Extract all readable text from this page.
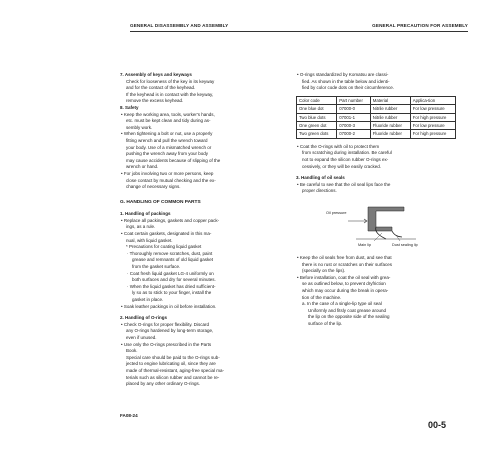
GENERAL DISASSEMBLY AND ASSEMBLY	GENERAL PRECAUTION FOR ASSEMBLY

7. Assembly of keys and keyways

Check for looseness of the key in its keyway

and for the contact of the keyhead.

If the keyhead is in contact with the keyway,

remove the excess keyhead.

8. Safety

• Keep the working area, tools, worker's hands,

etc. must be kept clean and tidy during as-

sembly work.

• When tightening a bolt or nut, use a properly

fitting wrench and pull the wrench toward

your body. Use of a mismatched wrench or

pushing the wrench away from your body

may cause accidents because of slipping of the

wrench or hand.

• For jobs involving two or more persons, keep

close contact by mutual checking and the ex-

change of necessary signs.

G. HANDLING OF COMMON PARTS

1. Handling of packings

• Replace all packings, gaskets and copper pack-

ings, as a rule.

• Coat certain gaskets, designated in this ma-

nual, with liquid gasket.

* Precautions for coating liquid gasket

· Thoroughly remove scratches, dust, paint

grease and remnants of old liquid gasket

from the gasket surface.

· Coat fresh liquid gasket LG-4 uniformly on

both surfaces and dry for several minutes.

· When the liquid gasket has dried sufficient-

ly so as to stick to your finger, install the

gasket in place.

• Soak leather packings in oil before installation.

2. Handling of O-rings

• Check O-rings for proper flexibility. Discard

any O-rings hardened by long-term storage,

even if unused.

• Use only the O-rings prescribed in the Parts

Book.

Special care should be paid to the O-rings sub-

jected to engine lubricating oil, since they are

made of thermal-resistant, aging-free special ma-

terials such as silicon rubber and cannot be re-

placed by any other ordinary O-rings.

• O-rings standardized by Komatsu are classi-

fied. As shown in the table below and identi-

fied by color code dots on their circumference.

Color code	Part number	Material	Applica-tion
One blue dot	07000-0	Nitrile rubber	For low pressure
Two blue dots	07001-1	Nitrile rubber	For high pressure
One green dot	07000-3	Fluoride rubber	For low pressure
Two green dots	07000-2	Fluoride rubber	For high pressure

• Coat the O-rings with oil to protect them

from scratching during installation. Be careful

not to expand the silicon rubber O-rings ex-

cessively, or they will be easily cracked.

3. Handling of oil seals

• Be careful to see that the oil seal lips face the

proper directions.

Oil pressure
Main lip	Dust sealing lip

• Keep the oil seals free from dust, and see that

there is no rust or scratches on their surfaces

(specially on the lips).

• Before installation, coat the oil seal with grea-

se as outlined below, to prevent dryfriction

which may occur during the break in opera-

tion of the machine.

a. In the case of a single-lip type oil seal

Uniformly and fitsly coat grease around

the lip on the opposite side of the sealing

surface of the lip.

FA08-24
00-5
